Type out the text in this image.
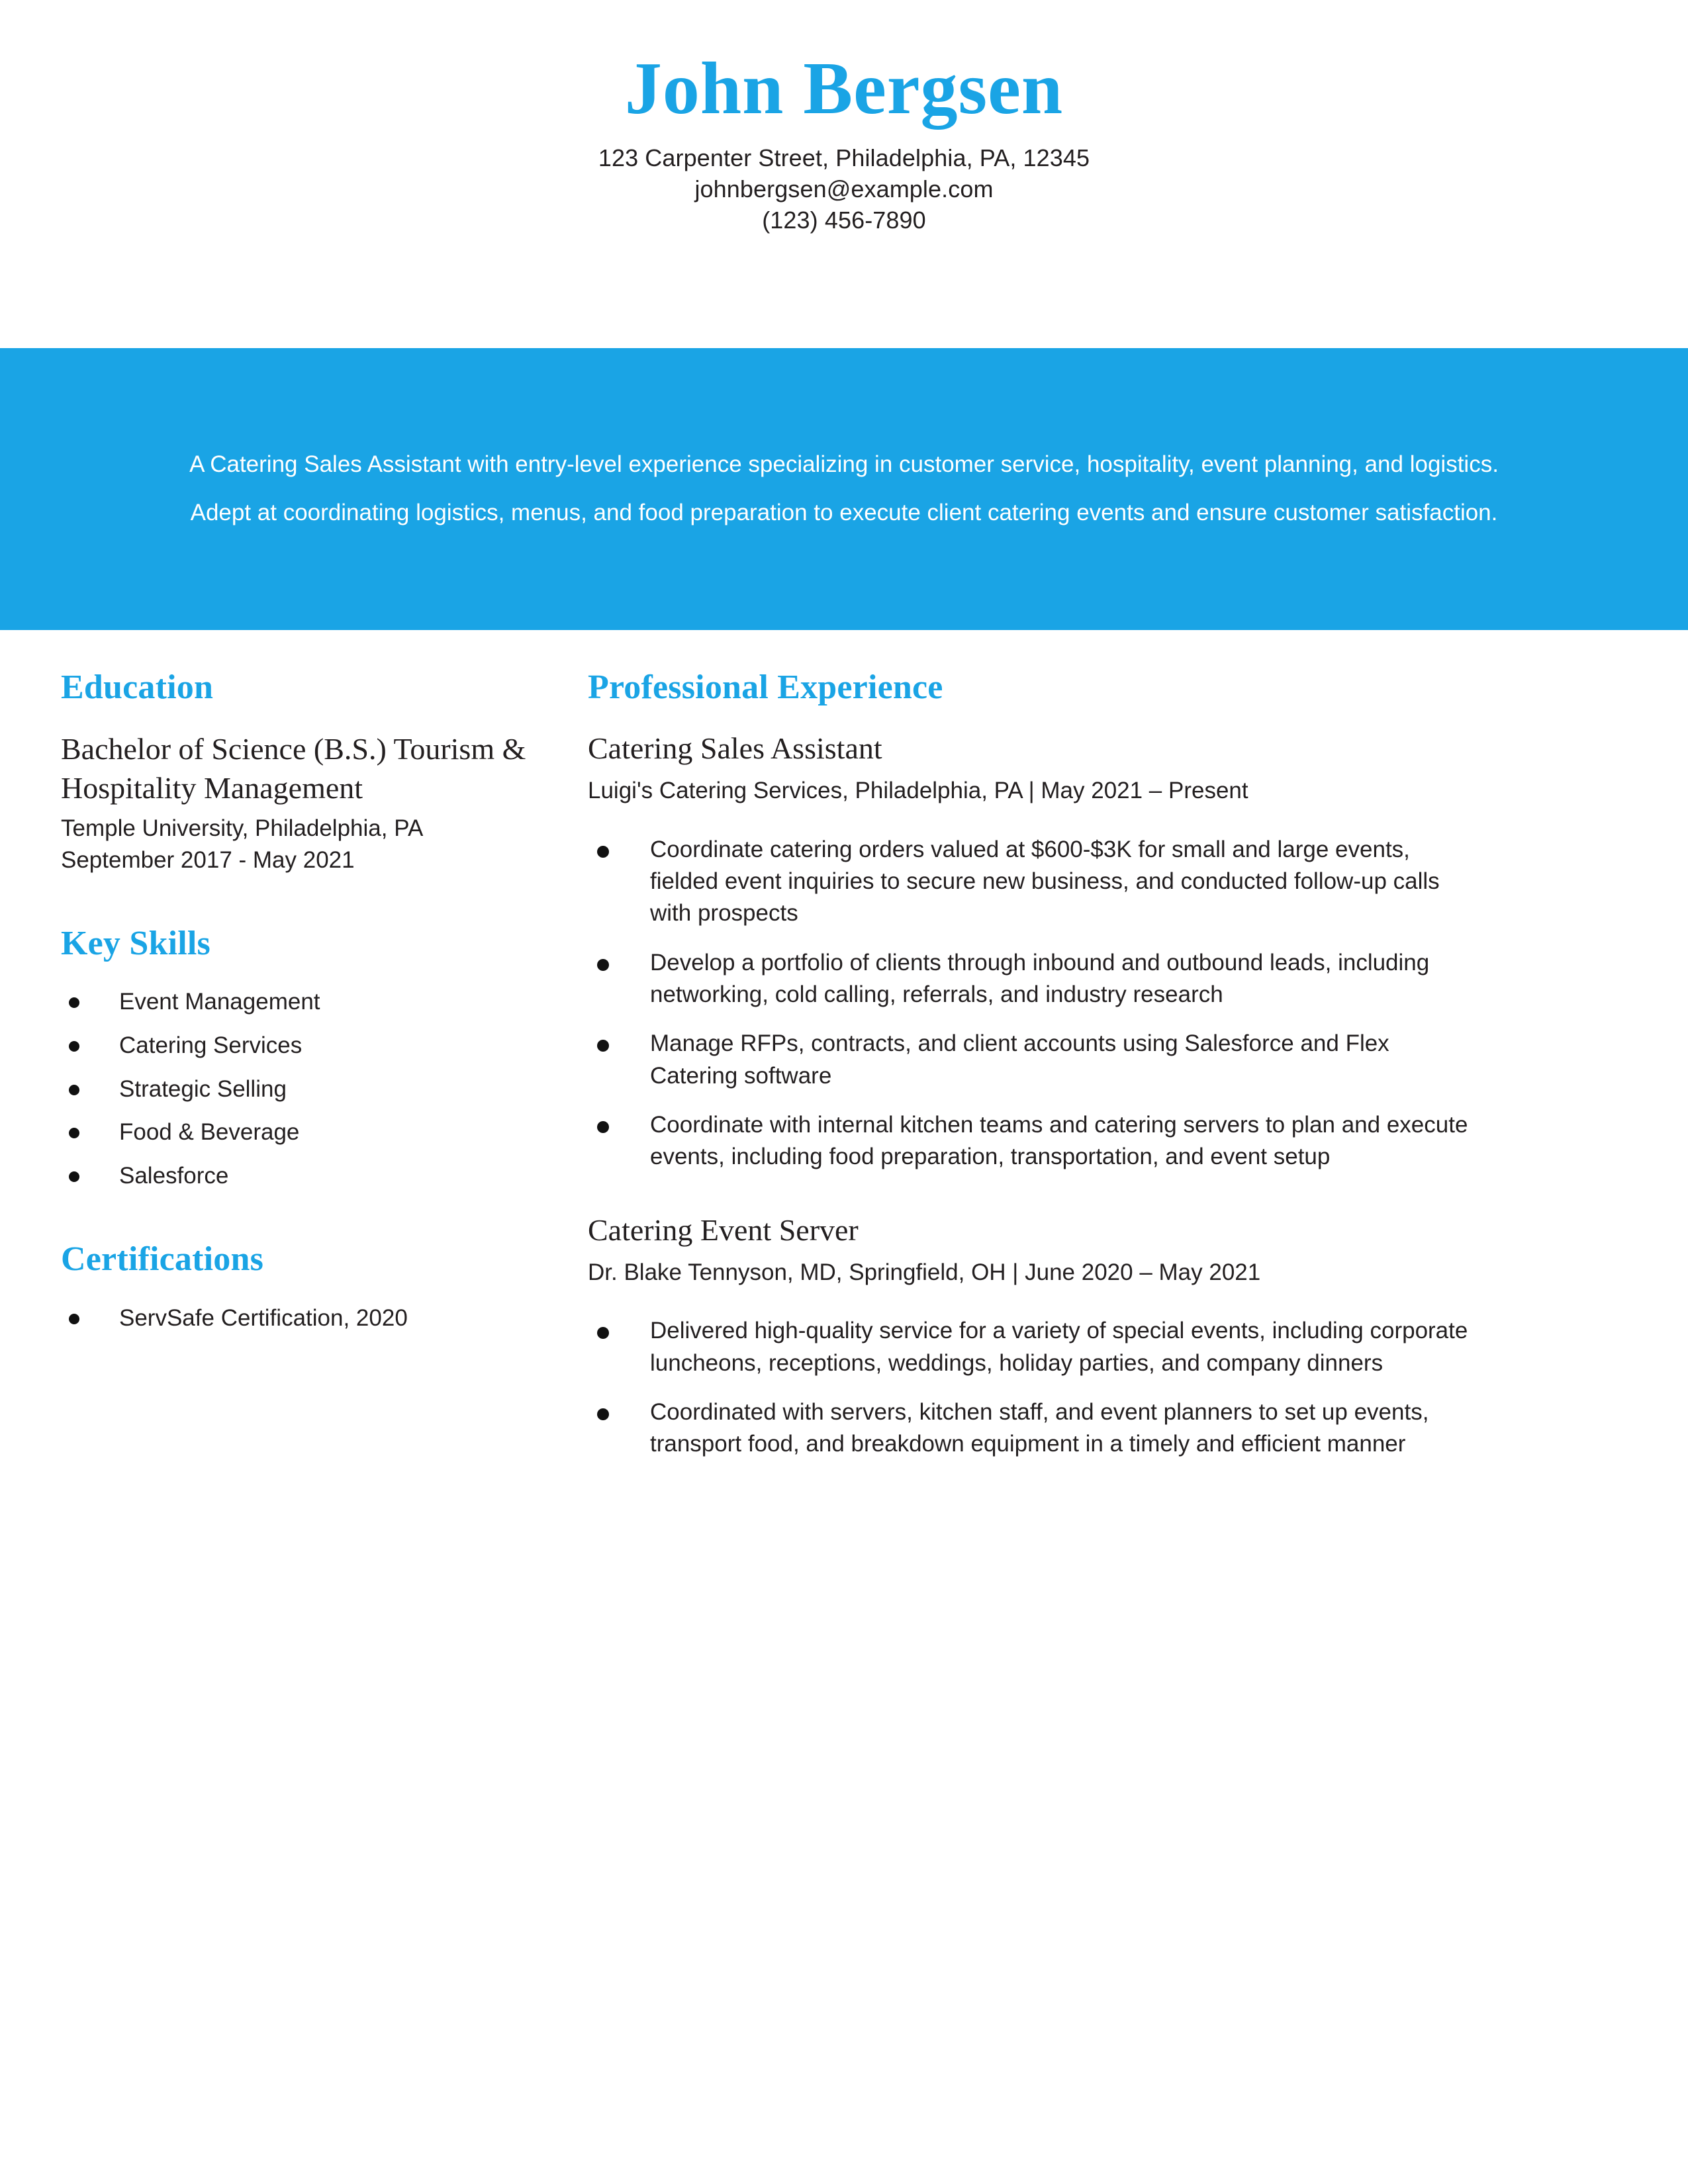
John Bergsen

123 Carpenter Street, Philadelphia, PA, 12345

johnbergsen@example.com

(123) 456-7890

A Catering Sales Assistant with entry-level experience specializing in customer service, hospitality, event planning, and logistics. Adept at coordinating logistics, menus, and food preparation to execute client catering events and ensure customer satisfaction.

Education

Bachelor of Science (B.S.) Tourism & Hospitality Management

Temple University, Philadelphia, PA

September 2017 - May 2021

Key Skills
Event Management
Catering Services
Strategic Selling
Food & Beverage
Salesforce
Certifications
ServSafe Certification, 2020
Professional Experience

Catering Sales Assistant

Luigi's Catering Services, Philadelphia, PA | May 2021 – Present

Coordinate catering orders valued at $600-$3K for small and large events, fielded event inquiries to secure new business, and conducted follow-up calls with prospects
Develop a portfolio of clients through inbound and outbound leads, including networking, cold calling, referrals, and industry research
Manage RFPs, contracts, and client accounts using Salesforce and Flex Catering software
Coordinate with internal kitchen teams and catering servers to plan and execute events, including food preparation, transportation, and event setup

Catering Event Server

Dr. Blake Tennyson, MD, Springfield, OH | June 2020 – May 2021

Delivered high-quality service for a variety of special events, including corporate luncheons, receptions, weddings, holiday parties, and company dinners
Coordinated with servers, kitchen staff, and event planners to set up events, transport food, and breakdown equipment in a timely and efficient manner
